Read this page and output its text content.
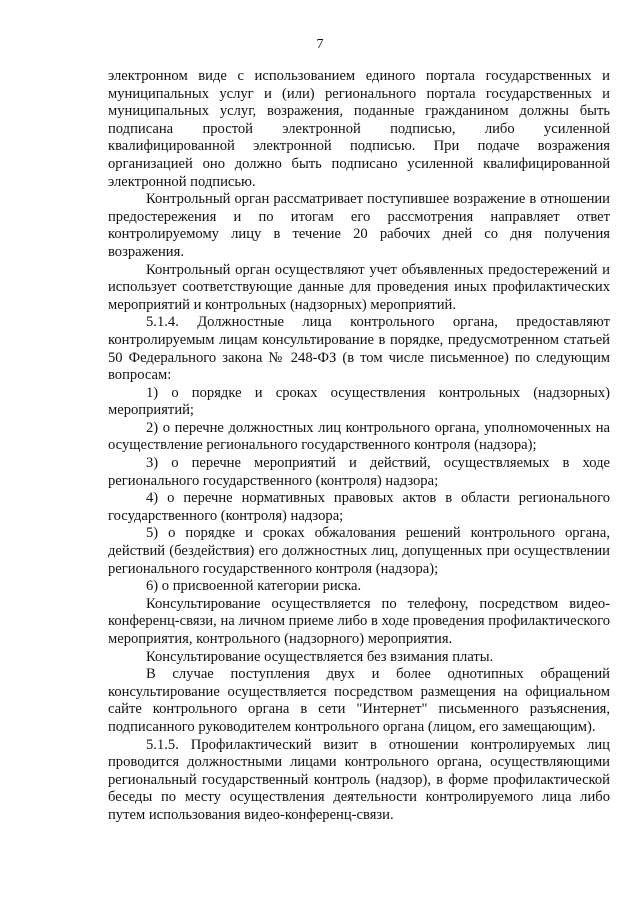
7

электронном виде с использованием единого портала государственных и муниципальных услуг и (или) регионального портала государственных и муниципальных услуг, возражения, поданные гражданином должны быть подписана простой электронной подписью, либо усиленной квалифицированной электронной подписью. При подаче возражения организацией оно должно быть подписано усиленной квалифицированной электронной подписью.

Контрольный орган рассматривает поступившее возражение в отношении предостережения и по итогам его рассмотрения направляет ответ контролируемому лицу в течение 20 рабочих дней со дня получения возражения.

Контрольный орган осуществляют учет объявленных предостережений и использует соответствующие данные для проведения иных профилактических мероприятий и контрольных (надзорных) мероприятий.

5.1.4. Должностные лица контрольного органа, предоставляют контролируемым лицам консультирование в порядке, предусмотренном статьей 50 Федерального закона № 248-ФЗ (в том числе письменное) по следующим вопросам:

1) о порядке и сроках осуществления контрольных (надзорных) мероприятий;

2) о перечне должностных лиц контрольного органа, уполномоченных на осуществление регионального государственного контроля (надзора);

3) о перечне мероприятий и действий, осуществляемых в ходе регионального государственного (контроля) надзора;

4) о перечне нормативных правовых актов в области регионального государственного (контроля) надзора;

5) о порядке и сроках обжалования решений контрольного органа, действий (бездействия) его должностных лиц, допущенных при осуществлении регионального государственного контроля (надзора);

6) о присвоенной категории риска.

Консультирование осуществляется по телефону, посредством видео-конференц-связи, на личном приеме либо в ходе проведения профилактического мероприятия, контрольного (надзорного) мероприятия.

Консультирование осуществляется без взимания платы.

В случае поступления двух и более однотипных обращений консультирование осуществляется посредством размещения на официальном сайте контрольного органа в сети "Интернет" письменного разъяснения, подписанного руководителем контрольного органа (лицом, его замещающим).

5.1.5. Профилактический визит в отношении контролируемых лиц проводится должностными лицами контрольного органа, осуществляющими региональный государственный контроль (надзор), в форме профилактической беседы по месту осуществления деятельности контролируемого лица либо путем использования видео-конференц-связи.
